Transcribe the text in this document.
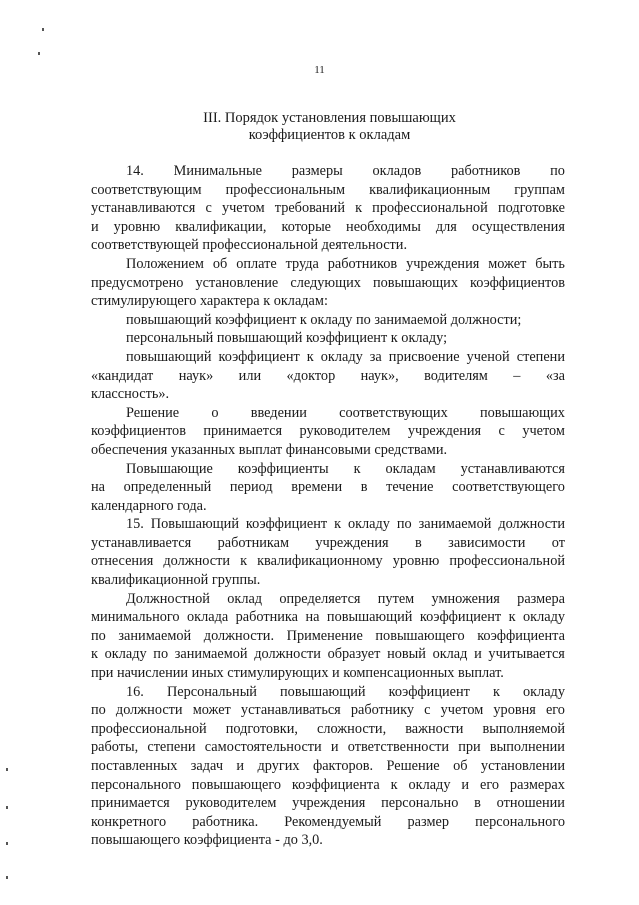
11
III. Порядок установления повышающих
коэффициентов к окладам
14. Минимальные размеры окладов работников по
соответствующим профессиональным квалификационным группам
устанавливаются с учетом требований к профессиональной подготовке
и уровню квалификации, которые необходимы для осуществления
соответствующей профессиональной деятельности.
Положением об оплате труда работников учреждения может быть
предусмотрено установление следующих повышающих коэффициентов
стимулирующего характера к окладам:
повышающий коэффициент к окладу по занимаемой должности;
персональный повышающий коэффициент к окладу;
повышающий коэффициент к окладу за присвоение ученой степени
«кандидат наук» или «доктор наук», водителям – «за
классность».
Решение о введении соответствующих повышающих
коэффициентов принимается руководителем учреждения с учетом
обеспечения указанных выплат финансовыми средствами.
Повышающие коэффициенты к окладам устанавливаются
на определенный период времени в течение соответствующего
календарного года.
15. Повышающий коэффициент к окладу по занимаемой должности
устанавливается работникам учреждения в зависимости от
отнесения должности к квалификационному уровню профессиональной
квалификационной группы.
Должностной оклад определяется путем умножения размера
минимального оклада работника на повышающий коэффициент к окладу
по занимаемой должности. Применение повышающего коэффициента
к окладу по занимаемой должности образует новый оклад и учитывается
при начислении иных стимулирующих и компенсационных выплат.
16. Персональный повышающий коэффициент к окладу
по должности может устанавливаться работнику с учетом уровня его
профессиональной подготовки, сложности, важности выполняемой
работы, степени самостоятельности и ответственности при выполнении
поставленных задач и других факторов. Решение об установлении
персонального повышающего коэффициента к окладу и его размерах
принимается руководителем учреждения персонально в отношении
конкретного работника. Рекомендуемый размер персонального
повышающего коэффициента - до 3,0.
